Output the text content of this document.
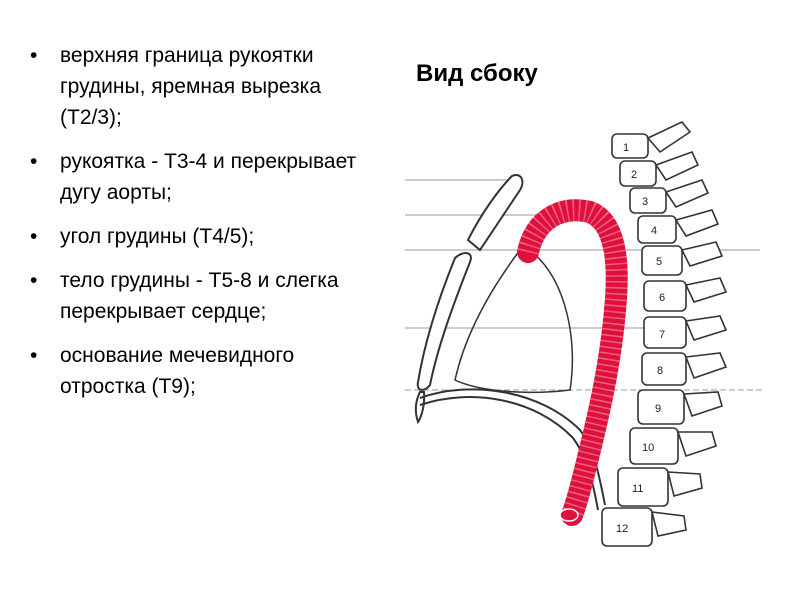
• верхняя граница рукоятки грудины, яремная вырезка (T2/3);
• рукоятка - T3-4 и перекрывает дугу аорты;
• угол грудины (T4/5);
• тело грудины - T5-8 и слегка перекрывает сердце;
• основание мечевидного отростка (T9);
Вид сбоку
1
2
3
4
5
6
7
8
9
10
11
12
